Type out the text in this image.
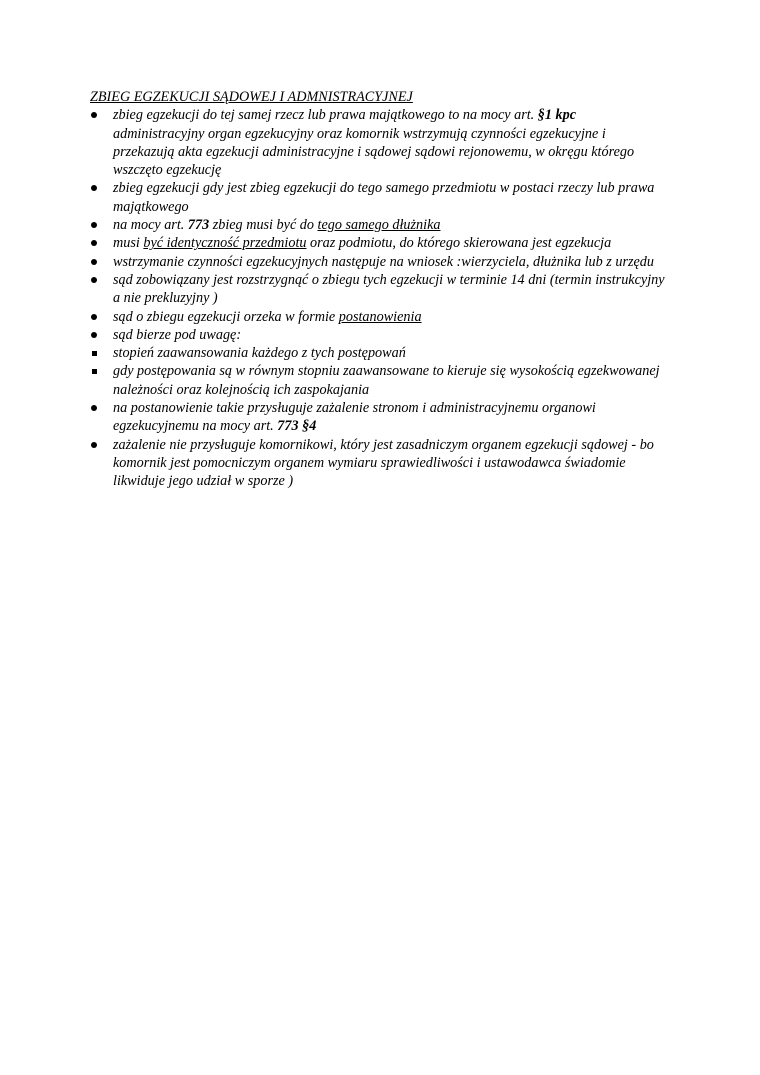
ZBIEG EGZEKUCJI SĄDOWEJ I ADMNISTRACYJNEJ
zbieg egzekucji do tej samej rzecz lub prawa majątkowego to na mocy art. §1 kpc administracyjny organ egzekucyjny oraz komornik wstrzymują czynności egzekucyjne i przekazują akta egzekucji administracyjne i sądowej sądowi rejonowemu, w okręgu którego wszczęto egzekucję
zbieg egzekucji gdy jest zbieg egzekucji do tego samego przedmiotu w postaci rzeczy lub prawa majątkowego
na mocy art. 773 zbieg musi być do tego samego dłużnika
musi być identyczność przedmiotu oraz podmiotu, do którego skierowana jest egzekucja
wstrzymanie czynności egzekucyjnych następuje na wniosek :wierzyciela, dłużnika lub z urzędu
sąd zobowiązany jest rozstrzygnąć o zbiegu tych egzekucji w terminie 14 dni (termin instrukcyjny a nie prekluzyjny )
sąd o zbiegu egzekucji orzeka w formie postanowienia
sąd bierze pod uwagę:
stopień zaawansowania każdego z tych postępowań
gdy postępowania są w równym stopniu zaawansowane to kieruje się wysokością egzekwowanej należności oraz kolejnością ich zaspokajania
na postanowienie takie przysługuje zażalenie stronom i administracyjnemu organowi egzekucyjnemu na mocy art. 773 §4
zażalenie nie przysługuje komornikowi, który jest zasadniczym organem egzekucji sądowej - bo komornik jest pomocniczym organem wymiaru sprawiedliwości i ustawodawca świadomie likwiduje jego udział w sporze )
